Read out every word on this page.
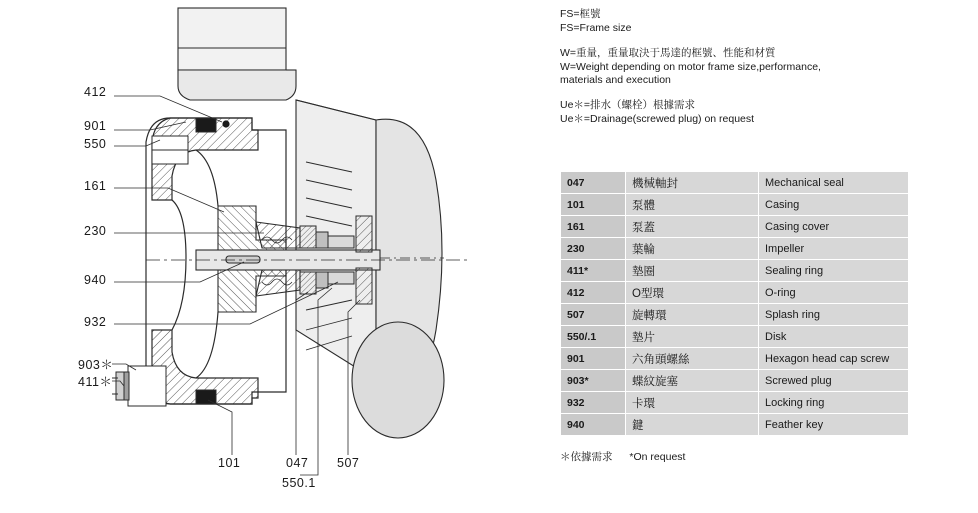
412
901
550
161
230
940
932
903＊
411＊
101	047
550.1
507
FS=框號
FS=Frame size
W=重量，重量取決于馬達的框號、性能和材質
W=Weight depending on motor frame size,performance,
materials and execution
Ue＊=排水（螺栓）根據需求
Ue＊=Drainage(screwed plug) on request
047	機械軸封	Mechanical seal
101	泵體	Casing
161	泵蓋	Casing cover
230	葉輪	Impeller
411*	墊圈	Sealing ring
412	O型環	O-ring
507	旋轉環	Splash ring
550/.1	墊片	Disk
901	六角頭螺絲	Hexagon head cap screw
903*	蝶紋旋塞	Screwed plug
932	卡環	Locking ring
940	鍵	Feather key
＊依據需求 *On request
